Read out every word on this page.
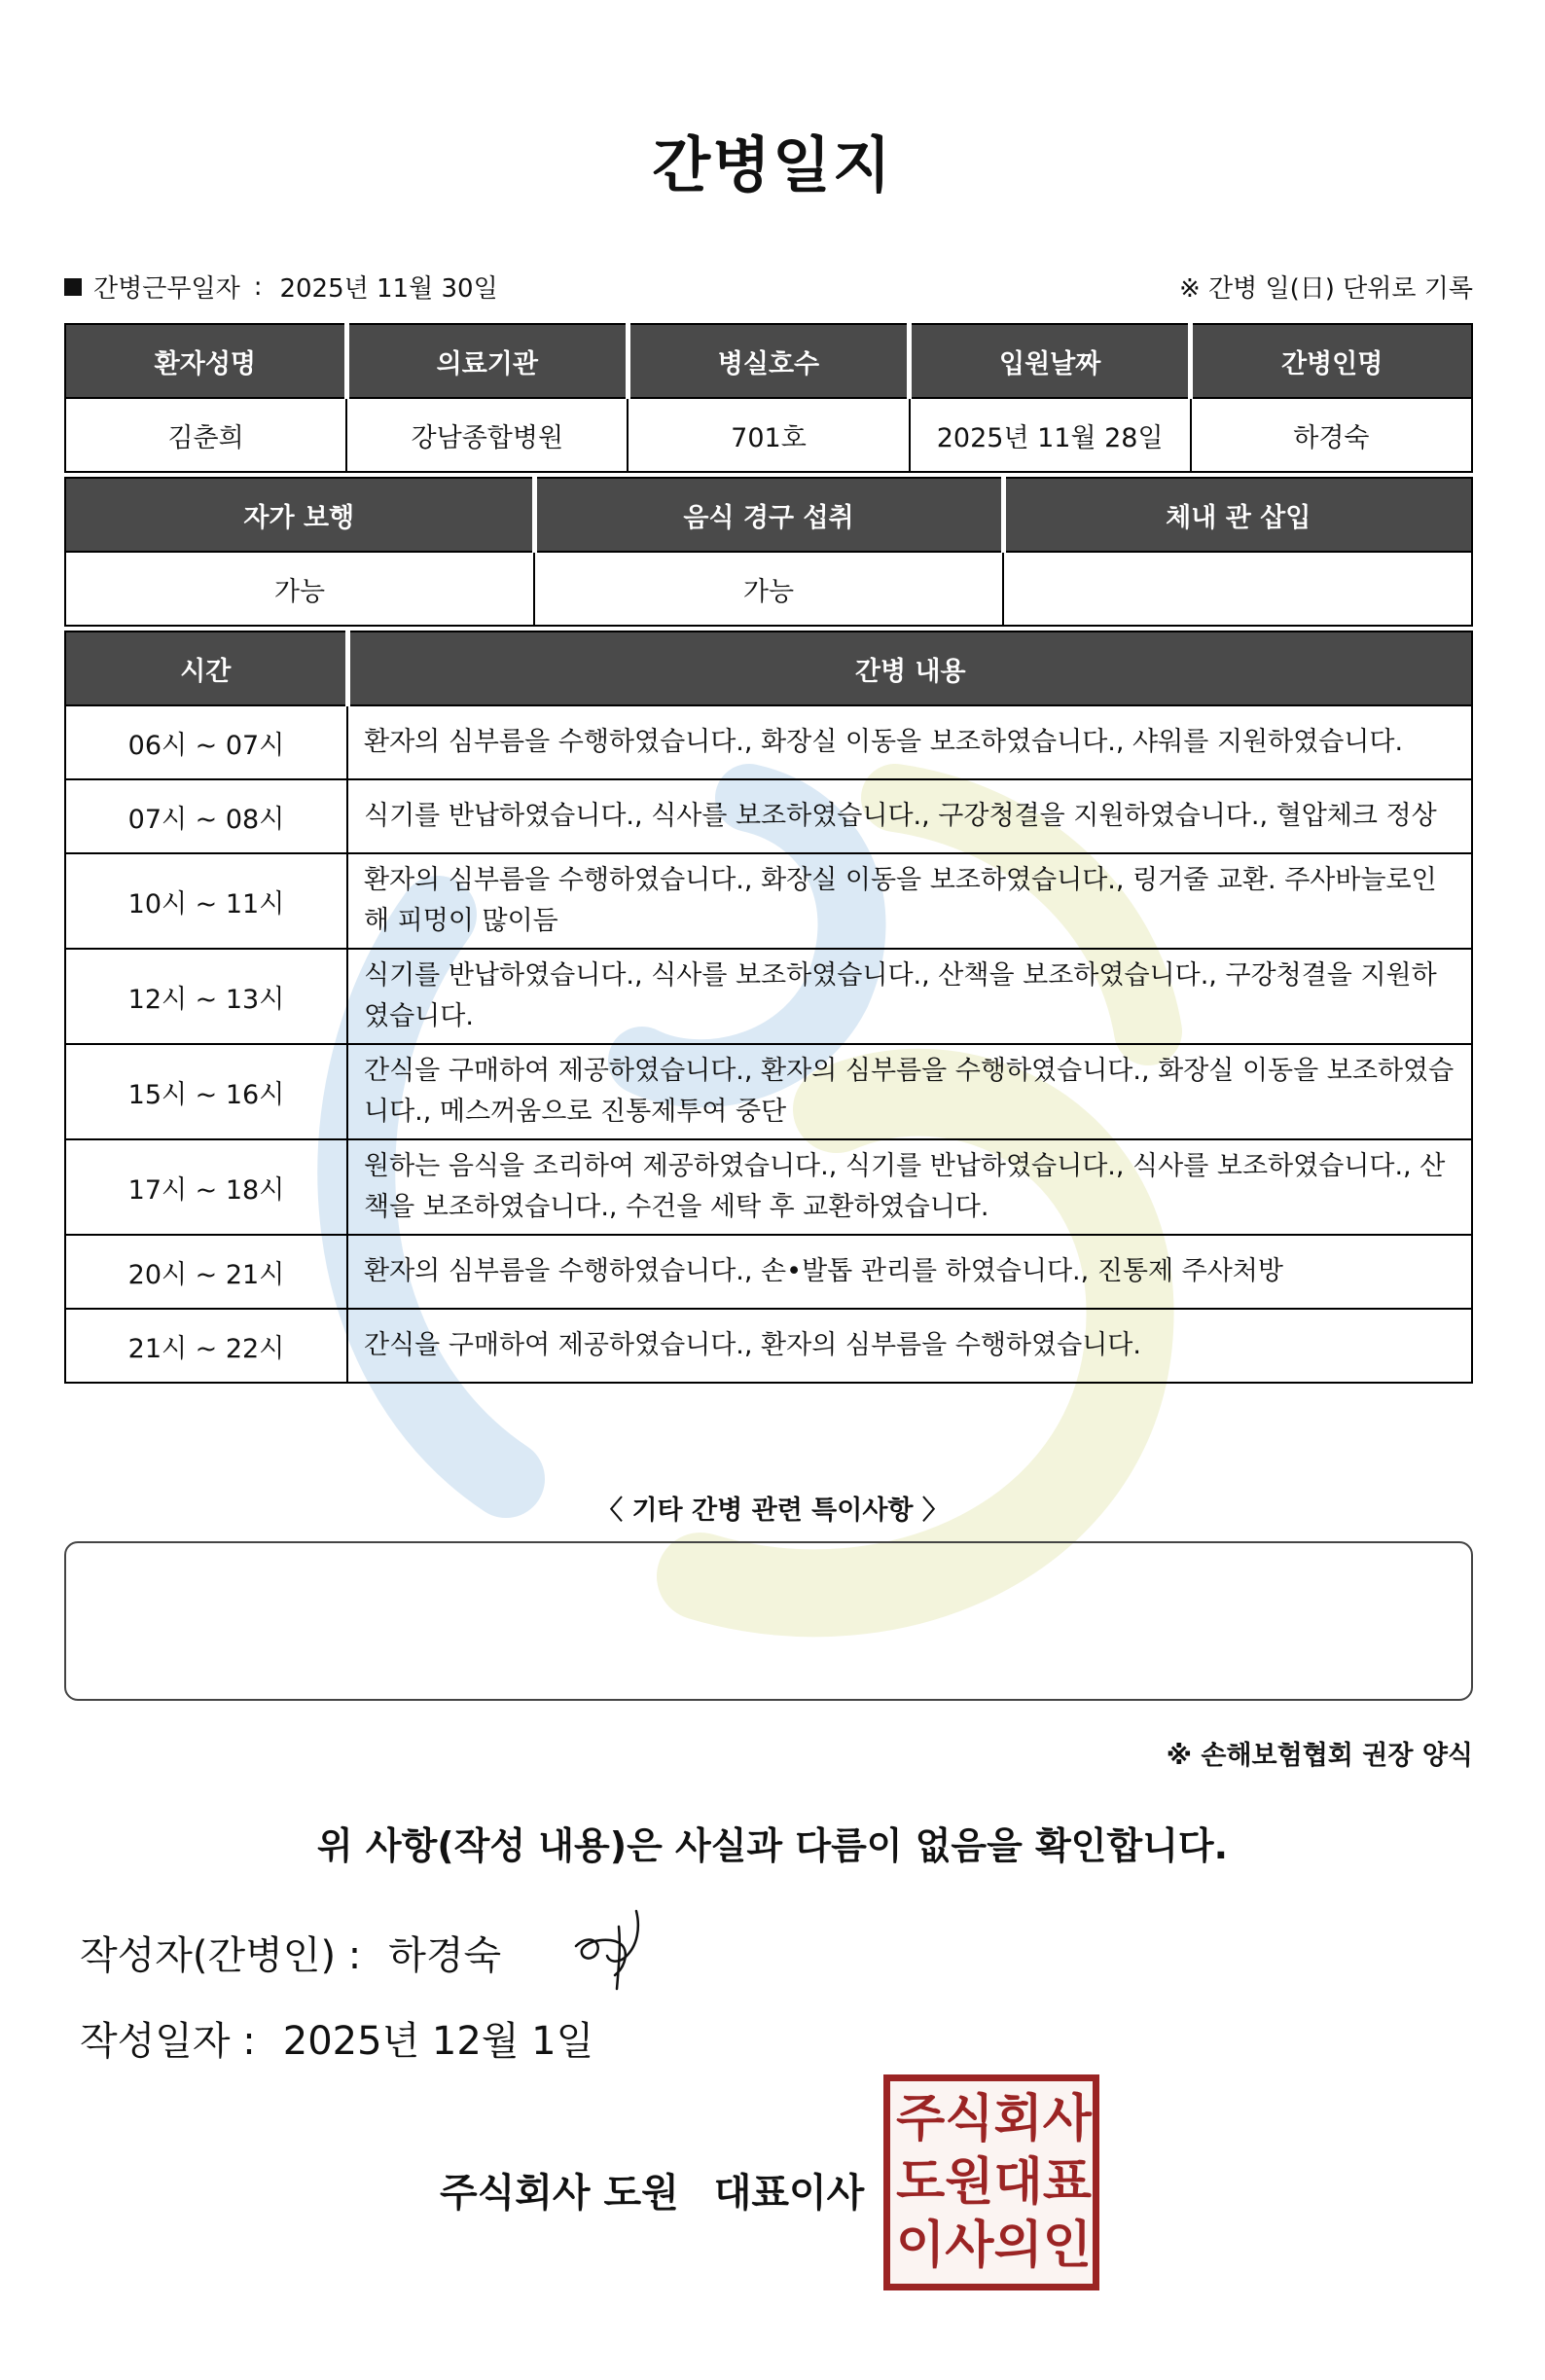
간병일지
간병근무일자 : 2025년 11월 30일	※ 간병 일(日) 단위로 기록
환자성명	의료기관	병실호수	입원날짜	간병인명
김춘희	강남종합병원	701호	2025년 11월 28일	하경숙
자가 보행	음식 경구 섭취	체내 관 삽입
가능	가능	
시간	간병 내용
06시 ~ 07시	환자의 심부름을 수행하였습니다., 화장실 이동을 보조하였습니다., 샤워를 지원하였습니다.
07시 ~ 08시	식기를 반납하였습니다., 식사를 보조하였습니다., 구강청결을 지원하였습니다., 혈압체크 정상
10시 ~ 11시	환자의 심부름을 수행하였습니다., 화장실 이동을 보조하였습니다., 링거줄 교환. 주사바늘로인해 피멍이 많이듬
12시 ~ 13시	식기를 반납하였습니다., 식사를 보조하였습니다., 산책을 보조하였습니다., 구강청결을 지원하였습니다.
15시 ~ 16시	간식을 구매하여 제공하였습니다., 환자의 심부름을 수행하였습니다., 화장실 이동을 보조하였습니다., 메스꺼움으로 진통제투여 중단
17시 ~ 18시	원하는 음식을 조리하여 제공하였습니다., 식기를 반납하였습니다., 식사를 보조하였습니다., 산책을 보조하였습니다., 수건을 세탁 후 교환하였습니다.
20시 ~ 21시	환자의 심부름을 수행하였습니다., 손•발톱 관리를 하였습니다., 진통제 주사처방
21시 ~ 22시	간식을 구매하여 제공하였습니다., 환자의 심부름을 수행하였습니다.
〈 기타 간병 관련 특이사항 〉
※ 손해보험협회 권장 양식
위 사항(작성 내용)은 사실과 다름이 없음을 확인합니다.
작성자(간병인) : 하경숙
작성일자 : 2025년 12월 1일
주식회사 도원 대표이사
주 식 회 사
도 원 대 표
이 사 의 인
